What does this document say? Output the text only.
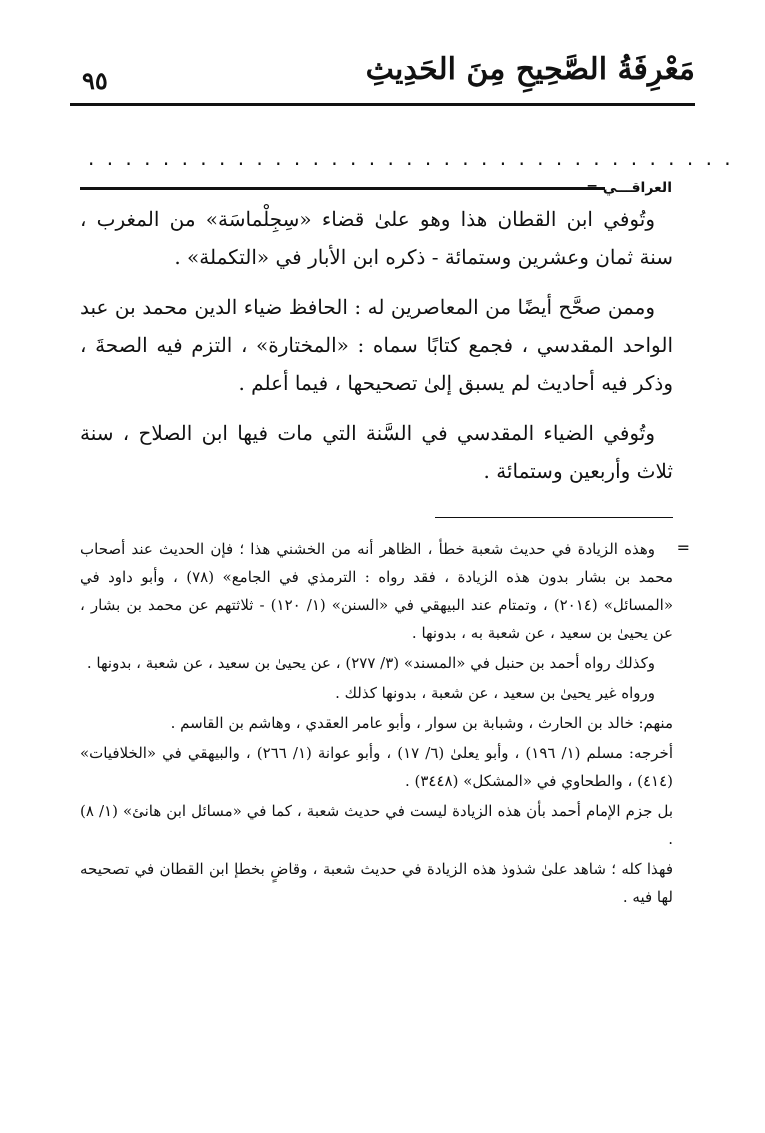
مَعْرِفَةُ الصَّحِيحِ مِنَ الحَدِيثِ
٩٥
. . . . . . . . . . . . . . . . . . . . . . . . . . . . . . . . . . .
العراقـــي =

وتُوفي ابن القطان هذا وهو علىٰ قضاء «سِجِلْماسَة» من المغرب ، سنة ثمان وعشرين وستمائة - ذكره ابن الأبار في «التكملة» .

وممن صحَّح أيضًا من المعاصرين له : الحافظ ضياء الدين محمد بن عبد الواحد المقدسي ، فجمع كتابًا سماه : «المختارة» ، التزم فيه الصحةَ ، وذكر فيه أحاديث لم يسبق إلىٰ تصحيحها ، فيما أعلم .

وتُوفي الضياء المقدسي في السَّنة التي مات فيها ابن الصلاح ، سنة ثلاث وأربعين وستمائة .

=

وهذه الزيادة في حديث شعبة خطأ ، الظاهر أنه من الخشني هذا ؛ فإن الحديث عند أصحاب محمد بن بشار بدون هذه الزيادة ، فقد رواه : الترمذي في الجامع» (٧٨) ، وأبو داود في «المسائل» (٢٠١٤) ، وتمتام عند البيهقي في «السنن» (١/ ١٢٠) - ثلاثتهم عن محمد بن بشار ، عن يحيىٰ بن سعيد ، عن شعبة به ، بدونها .

وكذلك رواه أحمد بن حنبل في «المسند» (٣/ ٢٧٧) ، عن يحيىٰ بن سعيد ، عن شعبة ، بدونها .

ورواه غير يحيىٰ بن سعيد ، عن شعبة ، بدونها كذلك .

منهم: خالد بن الحارث ، وشبابة بن سوار ، وأبو عامر العقدي ، وهاشم بن القاسم .

أخرجه: مسلم (١/ ١٩٦) ، وأبو يعلىٰ (٦/ ١٧) ، وأبو عوانة (١/ ٢٦٦) ، والبيهقي في «الخلافيات» (٤١٤) ، والطحاوي في «المشكل» (٣٤٤٨) .

بل جزم الإمام أحمد بأن هذه الزيادة ليست في حديث شعبة ، كما في «مسائل ابن هانئ» (١/ ٨) .

فهذا كله ؛ شاهد علىٰ شذوذ هذه الزيادة في حديث شعبة ، وقاضٍ بخطإ ابن القطان في تصحيحه لها فيه .
